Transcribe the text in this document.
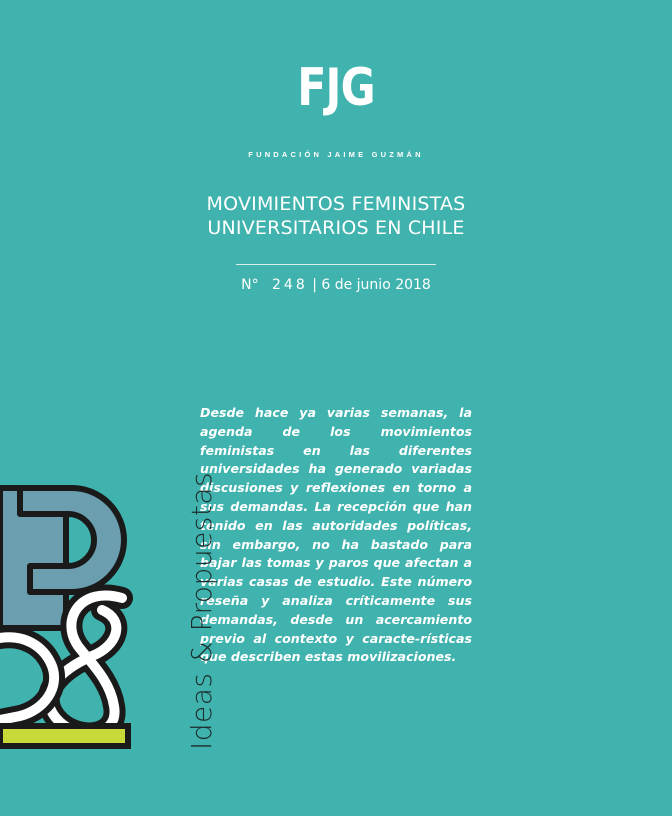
FJG
FUNDACIÓN JAIME GUZMÁN
MOVIMIENTOS FEMINISTAS
UNIVERSITARIOS EN CHILE
N° 248 | 6 de junio 2018
Desde hace ya varias semanas, la agenda de los movimientos feministas en las diferentes universidades ha generado variadas discusiones y reflexiones en torno a sus demandas. La recepción que han tenido en las autoridades políticas, sin embargo, no ha bastado para bajar las tomas y paros que afectan a varias casas de estudio. Este número reseña y analiza críticamente sus demandas, desde un acercamiento previo al contexto y caracte-rísticas que describen estas movilizaciones.
Ideas & Propuestas
